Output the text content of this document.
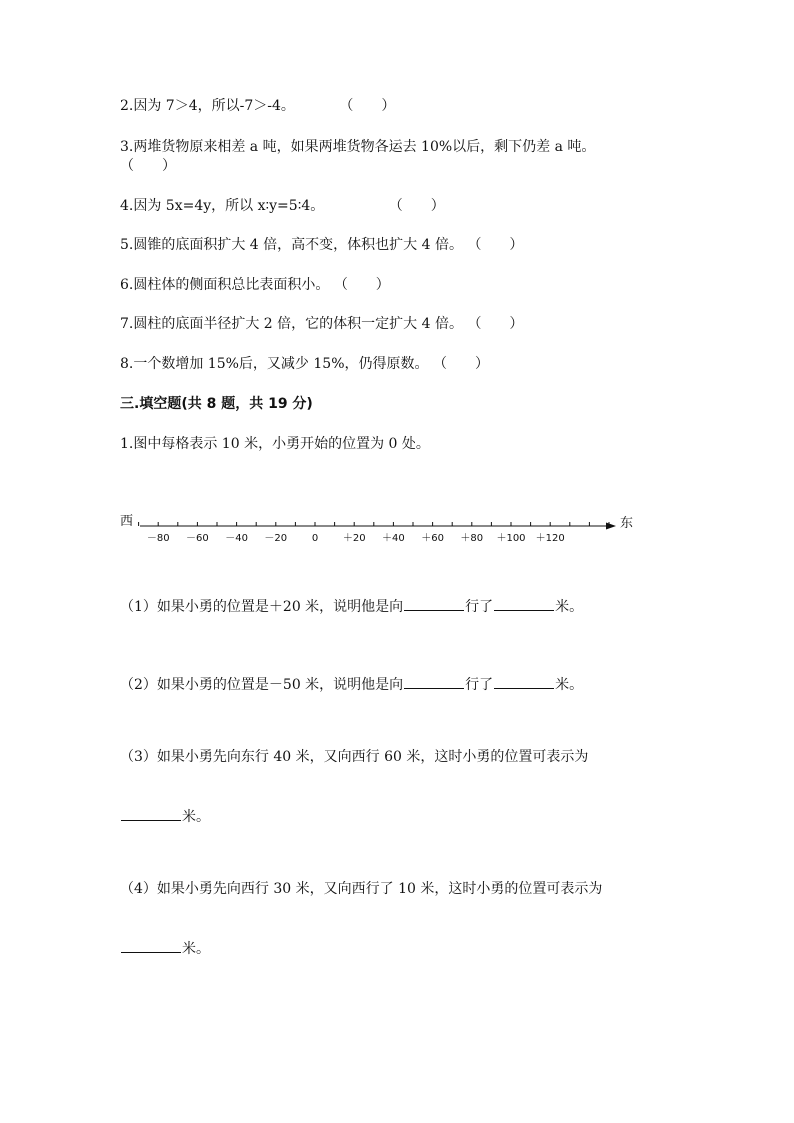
2.因为 7＞4，所以-7＞-4。	（　　）
3.两堆货物原来相差 a 吨，如果两堆货物各运去 10%以后，剩下仍差 a 吨。
（　　）
4.因为 5x=4y，所以 x∶y=5∶4。	（　　）
5.圆锥的底面积扩大 4 倍，高不变，体积也扩大 4 倍。 （　　）
6.圆柱体的侧面积总比表面积小。 （　　）
7.圆柱的底面半径扩大 2 倍，它的体积一定扩大 4 倍。 （　　）
8.一个数增加 15%后，又减少 15%，仍得原数。 （　　）
三.填空题(共 8 题，共 19 分)
1.图中每格表示 10 米，小勇开始的位置为 0 处。
西	东
－80 －60 －40 －20 0 ＋20 ＋40 ＋60 ＋80 ＋100 ＋120
（1）如果小勇的位置是＋20 米，说明他是向	行了	米。
（2）如果小勇的位置是－50 米，说明他是向	行了	米。
（3）如果小勇先向东行 40 米，又向西行 60 米，这时小勇的位置可表示为
米。
（4）如果小勇先向西行 30 米，又向西行了 10 米，这时小勇的位置可表示为
米。
